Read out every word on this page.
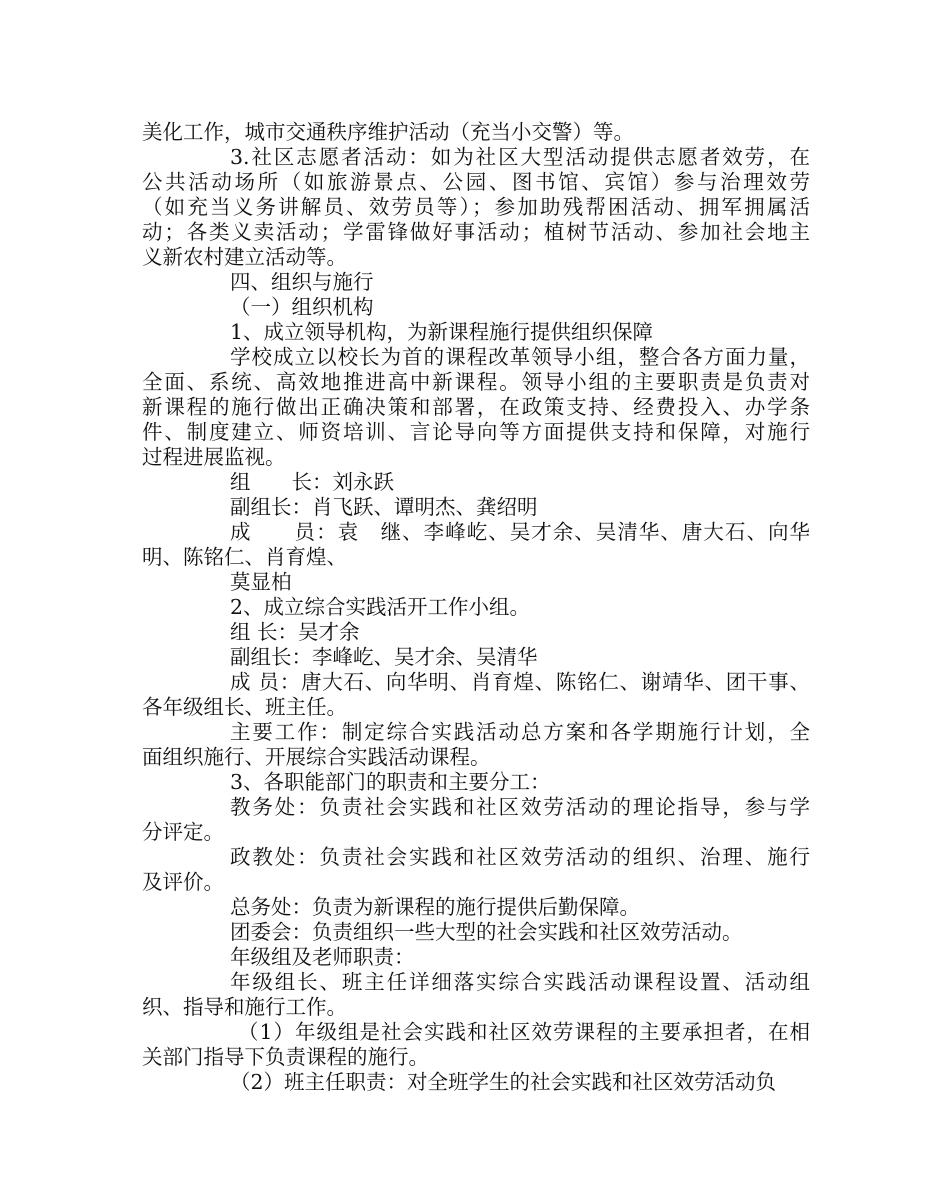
美化工作，城市交通秩序维护活动（充当小交警）等。
3.社区志愿者活动：如为社区大型活动提供志愿者效劳，在
公共活动场所（如旅游景点、公园、图书馆、宾馆）参与治理效劳
（如充当义务讲解员、效劳员等）；参加助残帮困活动、拥军拥属活
动；各类义卖活动；学雷锋做好事活动；植树节活动、参加社会地主
义新农村建立活动等。
四、组织与施行
（一）组织机构
1、成立领导机构，为新课程施行提供组织保障
学校成立以校长为首的课程改革领导小组，整合各方面力量，
全面、系统、高效地推进高中新课程。领导小组的主要职责是负责对
新课程的施行做出正确决策和部署，在政策支持、经费投入、办学条
件、制度建立、师资培训、言论导向等方面提供支持和保障，对施行
过程进展监视。
组　　长：刘永跃
副组长：肖飞跃、谭明杰、龚绍明
成　　员：袁　继、李峰屹、吴才余、吴清华、唐大石、向华
明、陈铭仁、肖育煌、
莫显柏
2、成立综合实践活开工作小组。
组 长：吴才余
副组长：李峰屹、吴才余、吴清华
成 员：唐大石、向华明、肖育煌、陈铭仁、谢靖华、团干事、
各年级组长、班主任。
主要工作：制定综合实践活动总方案和各学期施行计划，全
面组织施行、开展综合实践活动课程。
3、各职能部门的职责和主要分工：
教务处：负责社会实践和社区效劳活动的理论指导，参与学
分评定。
政教处：负责社会实践和社区效劳活动的组织、治理、施行
及评价。
总务处：负责为新课程的施行提供后勤保障。
团委会：负责组织一些大型的社会实践和社区效劳活动。
年级组及老师职责：
年级组长、班主任详细落实综合实践活动课程设置、活动组
织、指导和施行工作。
（1）年级组是社会实践和社区效劳课程的主要承担者，在相
关部门指导下负责课程的施行。
（2）班主任职责：对全班学生的社会实践和社区效劳活动负
